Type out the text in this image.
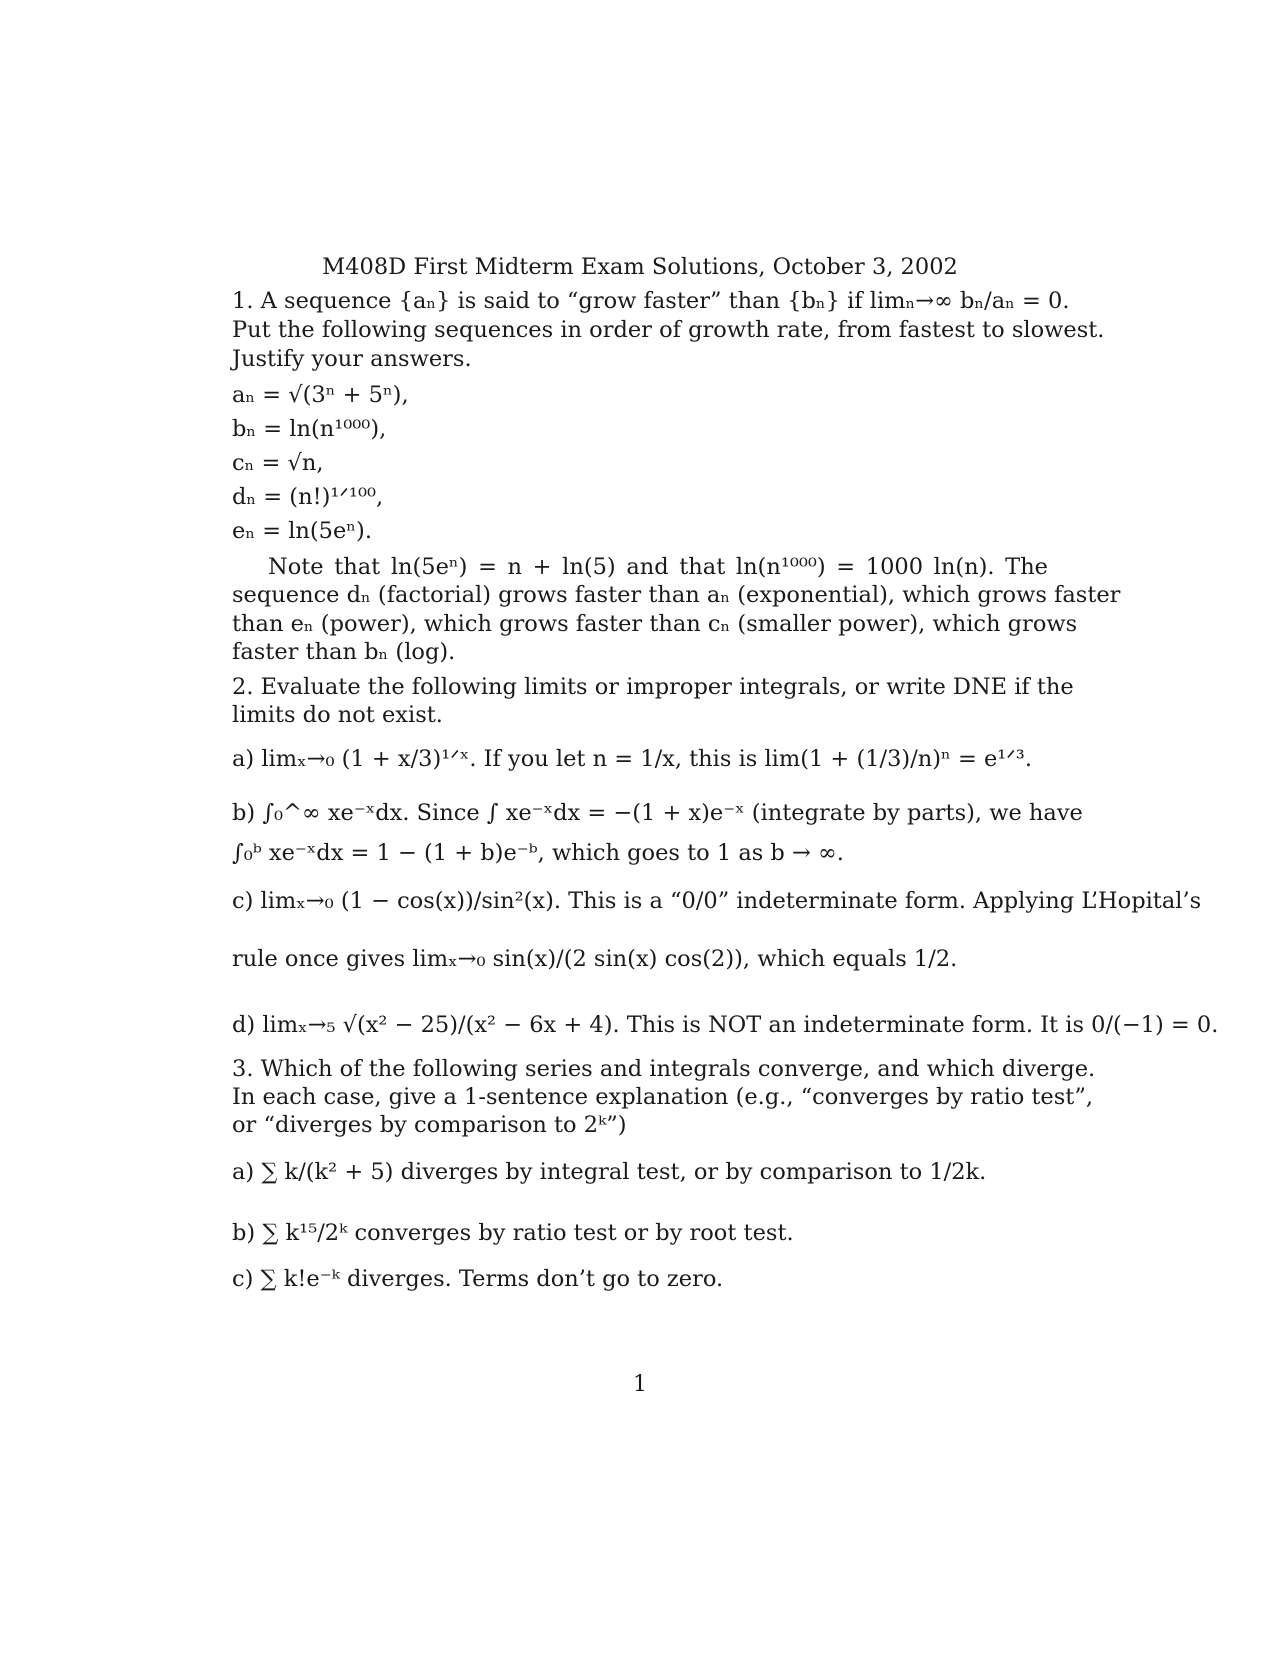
M408D First Midterm Exam Solutions, October 3, 2002
1. A sequence {aₙ} is said to “grow faster” than {bₙ} if limₙ→∞ bₙ/aₙ = 0.
Put the following sequences in order of growth rate, from fastest to slowest.
Justify your answers.
aₙ = √(3ⁿ + 5ⁿ),
bₙ = ln(n¹⁰⁰⁰),
cₙ = √n,
dₙ = (n!)¹ᐟ¹⁰⁰,
eₙ = ln(5eⁿ).
Note that ln(5eⁿ) = n + ln(5) and that ln(n¹⁰⁰⁰) = 1000 ln(n). The
sequence dₙ (factorial) grows faster than aₙ (exponential), which grows faster
than eₙ (power), which grows faster than cₙ (smaller power), which grows
faster than bₙ (log).
2. Evaluate the following limits or improper integrals, or write DNE if the
limits do not exist.
a) limₓ→₀ (1 + x/3)¹ᐟˣ. If you let n = 1/x, this is lim(1 + (1/3)/n)ⁿ = e¹ᐟ³.
b) ∫₀^∞ xe⁻ˣdx. Since ∫ xe⁻ˣdx = −(1 + x)e⁻ˣ (integrate by parts), we have
∫₀ᵇ xe⁻ˣdx = 1 − (1 + b)e⁻ᵇ, which goes to 1 as b → ∞.
c) limₓ→₀ (1 − cos(x))/sin²(x). This is a “0/0” indeterminate form. Applying L’Hopital’s
rule once gives limₓ→₀ sin(x)/(2 sin(x) cos(2)), which equals 1/2.
d) limₓ→₅ √(x² − 25)/(x² − 6x + 4). This is NOT an indeterminate form. It is 0/(−1) = 0.
3. Which of the following series and integrals converge, and which diverge.
In each case, give a 1-sentence explanation (e.g., “converges by ratio test”,
or “diverges by comparison to 2ᵏ”)
a) ∑ k/(k² + 5) diverges by integral test, or by comparison to 1/2k.
b) ∑ k¹⁵/2ᵏ converges by ratio test or by root test.
c) ∑ k!e⁻ᵏ diverges. Terms don’t go to zero.
1
